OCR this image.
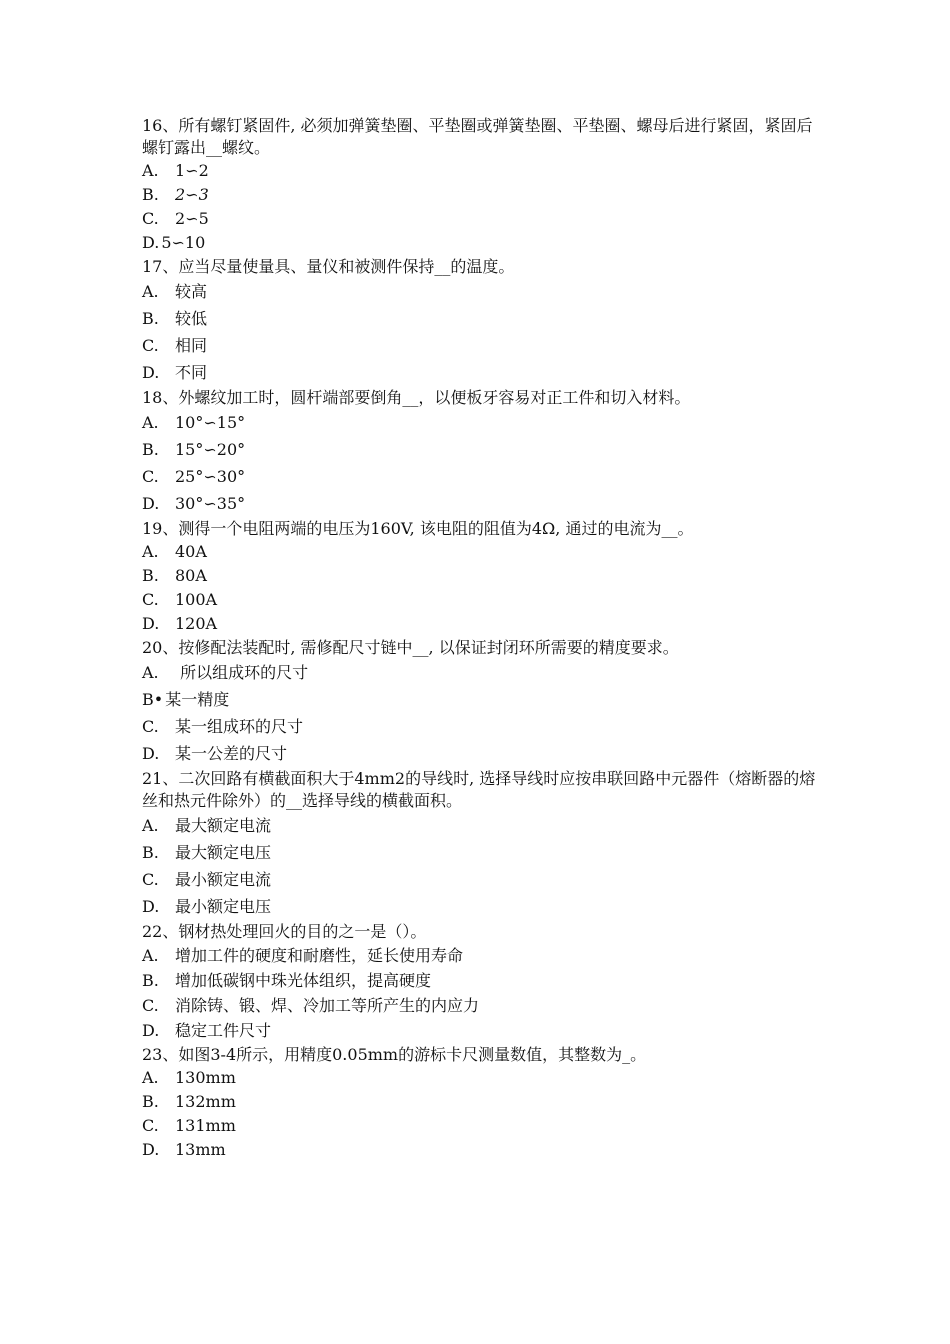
16、所有螺钉紧固件, 必须加弹簧垫圈、平垫圈或弹簧垫圈、平垫圈、螺母后进行紧固，紧固后螺钉露出__螺纹。

A.	1∽2
B.	2∽3
C.	2∽5
D. 5∽10

17、应当尽量使量具、量仪和被测件保持__的温度。

A.	较高
B.	较低
C.	相同
D. 不同

18、外螺纹加工时，圆杆端部要倒角__，以便板牙容易对正工件和切入材料。

A.	10°∽15°
B.	15°∽20°
C.	25°∽30°
D. 30°∽35°

19、测得一个电阻两端的电压为160V, 该电阻的阻值为4Ω, 通过的电流为__。

A.	40A
B.	80A
C.	100A
D. 120A

20、按修配法装配时, 需修配尺寸链中__, 以保证封闭环所需要的精度要求。

A.	所以组成环的尺寸
B• 某一精度
C.	某一组成环的尺寸
D. 某一公差的尺寸

21、二次回路有横截面积大于4mm2的导线时, 选择导线时应按串联回路中元器件（熔断器的熔丝和热元件除外）的__选择导线的横截面积。

A.	最大额定电流
B.	最大额定电压
C.	最小额定电流
D. 最小额定电压

22、钢材热处理回火的目的之一是（）。

A.	增加工件的硬度和耐磨性，延长使用寿命
B.	增加低碳钢中珠光体组织，提高硬度
C.	消除铸、锻、焊、冷加工等所产生的内应力
D. 稳定工件尺寸

23、如图3-4所示，用精度0.05mm的游标卡尺测量数值，其整数为_。

A.	130mm
B.	132mm
C.	131mm
D. 13mm
